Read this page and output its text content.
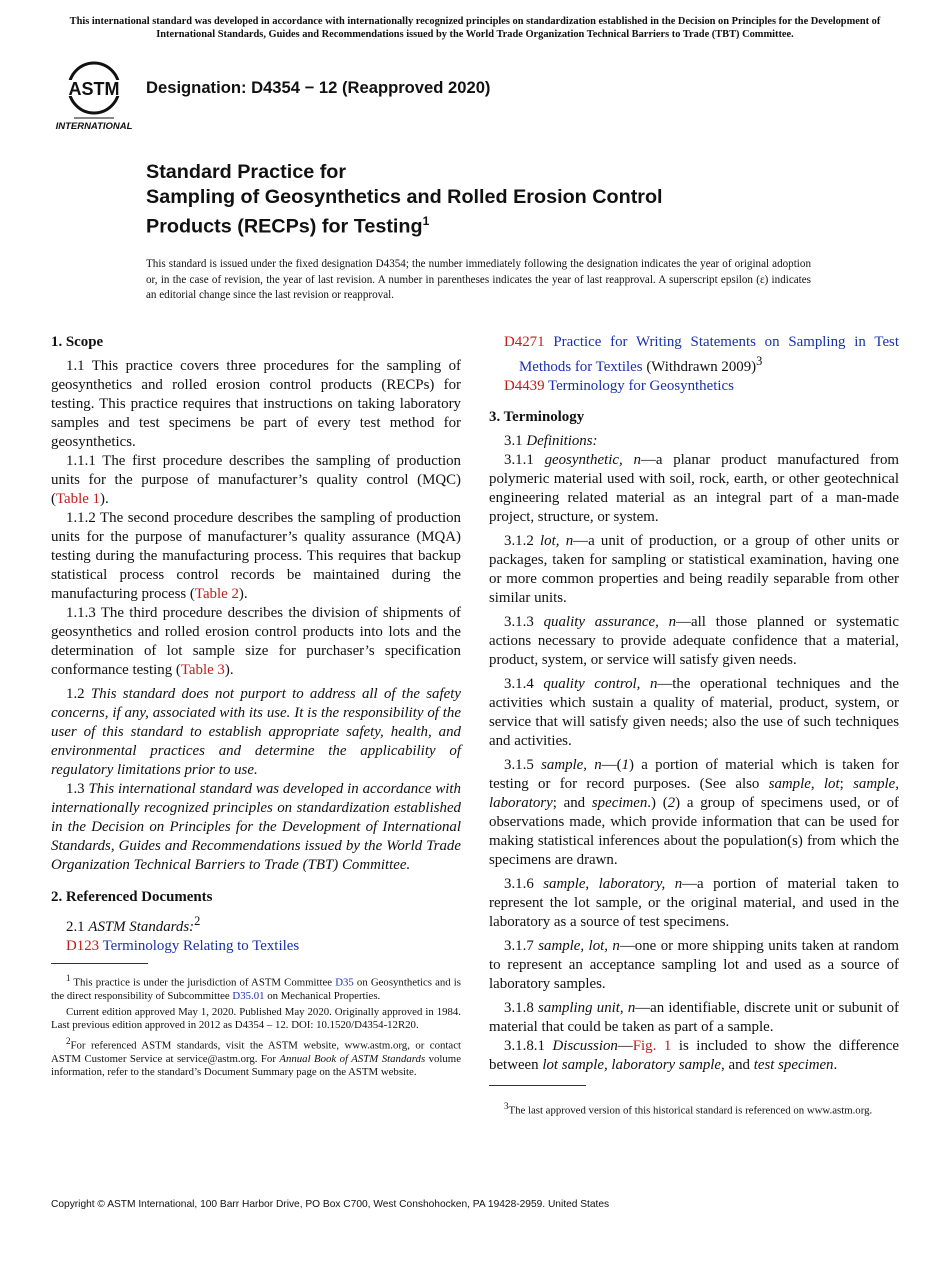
This international standard was developed in accordance with internationally recognized principles on standardization established in the Decision on Principles for the Development of International Standards, Guides and Recommendations issued by the World Trade Organization Technical Barriers to Trade (TBT) Committee.
ASTM
INTERNATIONAL
Designation: D4354 − 12 (Reapproved 2020)
Standard Practice for
Sampling of Geosynthetics and Rolled Erosion Control
Products (RECPs) for Testing$^1$
This standard is issued under the fixed designation D4354; the number immediately following the designation indicates the year of original adoption or, in the case of revision, the year of last revision. A number in parentheses indicates the year of last reapproval. A superscript epsilon (ε) indicates an editorial change since the last revision or reapproval.
1. Scope

1.1 This practice covers three procedures for the sampling of geosynthetics and rolled erosion control products (RECPs) for testing. This practice requires that instructions on taking laboratory samples and test specimens be part of every test method for geosynthetics.

1.1.1 The first procedure describes the sampling of production units for the purpose of manufacturer’s quality control (MQC) (Table 1).

1.1.2 The second procedure describes the sampling of production units for the purpose of manufacturer’s quality assurance (MQA) testing during the manufacturing process. This requires that backup statistical process control records be maintained during the manufacturing process (Table 2).

1.1.3 The third procedure describes the division of shipments of geosynthetics and rolled erosion control products into lots and the determination of lot sample size for purchaser’s specification conformance testing (Table 3).

1.2 This standard does not purport to address all of the safety concerns, if any, associated with its use. It is the responsibility of the user of this standard to establish appropriate safety, health, and environmental practices and determine the applicability of regulatory limitations prior to use.

1.3 This international standard was developed in accordance with internationally recognized principles on standardization established in the Decision on Principles for the Development of International Standards, Guides and Recommendations issued by the World Trade Organization Technical Barriers to Trade (TBT) Committee.

2. Referenced Documents

2.1 ASTM Standards:$^2$

D123 Terminology Relating to Textiles

$^1$ This practice is under the jurisdiction of ASTM Committee D35 on Geosynthetics and is the direct responsibility of Subcommittee D35.01 on Mechanical Properties.

Current edition approved May 1, 2020. Published May 2020. Originally approved in 1984. Last previous edition approved in 2012 as D4354 – 12. DOI: 10.1520/D4354-12R20.

$^2$For referenced ASTM standards, visit the ASTM website, www.astm.org, or contact ASTM Customer Service at service@astm.org. For Annual Book of ASTM Standards volume information, refer to the standard’s Document Summary page on the ASTM website.

D4271 Practice for Writing Statements on Sampling in Test Methods for Textiles (Withdrawn 2009)$^3$

D4439 Terminology for Geosynthetics

3. Terminology

3.1 Definitions:

3.1.1 geosynthetic, n—a planar product manufactured from polymeric material used with soil, rock, earth, or other geotechnical engineering related material as an integral part of a man-made project, structure, or system.

3.1.2 lot, n—a unit of production, or a group of other units or packages, taken for sampling or statistical examination, having one or more common properties and being readily separable from other similar units.

3.1.3 quality assurance, n—all those planned or systematic actions necessary to provide adequate confidence that a material, product, system, or service will satisfy given needs.

3.1.4 quality control, n—the operational techniques and the activities which sustain a quality of material, product, system, or service that will satisfy given needs; also the use of such techniques and activities.

3.1.5 sample, n—(1) a portion of material which is taken for testing or for record purposes. (See also sample, lot; sample, laboratory; and specimen.) (2) a group of specimens used, or of observations made, which provide information that can be used for making statistical inferences about the population(s) from which the specimens are drawn.

3.1.6 sample, laboratory, n—a portion of material taken to represent the lot sample, or the original material, and used in the laboratory as a source of test specimens.

3.1.7 sample, lot, n—one or more shipping units taken at random to represent an acceptance sampling lot and used as a source of laboratory samples.

3.1.8 sampling unit, n—an identifiable, discrete unit or subunit of material that could be taken as part of a sample.

3.1.8.1 Discussion—Fig. 1 is included to show the difference between lot sample, laboratory sample, and test specimen.

$^3$The last approved version of this historical standard is referenced on www.astm.org.

Copyright © ASTM International, 100 Barr Harbor Drive, PO Box C700, West Conshohocken, PA 19428-2959. United States
